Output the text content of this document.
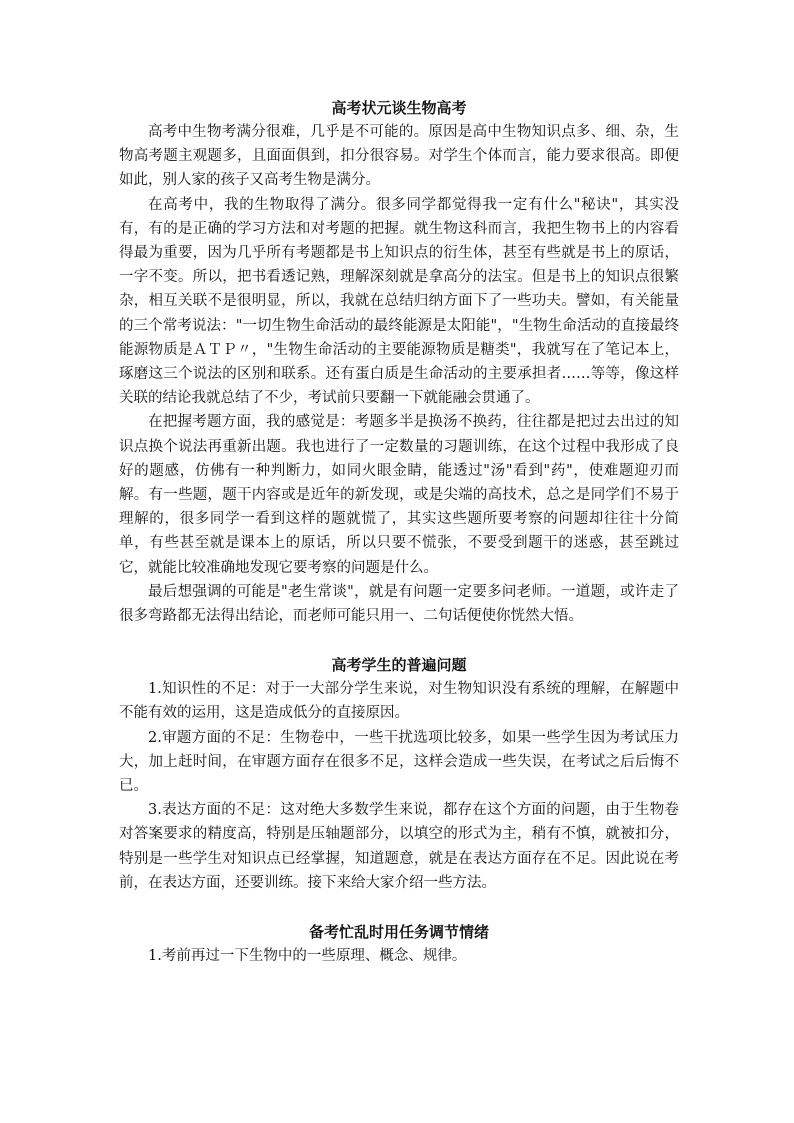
高考状元谈生物高考

高考中生物考满分很难，几乎是不可能的。原因是高中生物知识点多、细、杂，生物高考题主观题多，且面面俱到，扣分很容易。对学生个体而言，能力要求很高。即便如此，别人家的孩子又高考生物是满分。

在高考中，我的生物取得了满分。很多同学都觉得我一定有什么"秘诀"，其实没有，有的是正确的学习方法和对考题的把握。就生物这科而言，我把生物书上的内容看得最为重要，因为几乎所有考题都是书上知识点的衍生体，甚至有些就是书上的原话，一字不变。所以，把书看透记熟，理解深刻就是拿高分的法宝。但是书上的知识点很繁杂，相互关联不是很明显，所以，我就在总结归纳方面下了一些功夫。譬如，有关能量的三个常考说法："一切生物生命活动的最终能源是太阳能"，"生物生命活动的直接最终能源物质是ＡＴＰ〃，"生物生命活动的主要能源物质是糖类"，我就写在了笔记本上，琢磨这三个说法的区别和联系。还有蛋白质是生命活动的主要承担者……等等，像这样关联的结论我就总结了不少，考试前只要翻一下就能融会贯通了。

在把握考题方面，我的感觉是：考题多半是换汤不换药，往往都是把过去出过的知识点换个说法再重新出题。我也进行了一定数量的习题训练，在这个过程中我形成了良好的题感，仿佛有一种判断力，如同火眼金睛，能透过"汤"看到"药"，使难题迎刃而解。有一些题，题干内容或是近年的新发现，或是尖端的高技术，总之是同学们不易于理解的，很多同学一看到这样的题就慌了，其实这些题所要考察的问题却往往十分简单，有些甚至就是课本上的原话，所以只要不慌张，不要受到题干的迷惑，甚至跳过它，就能比较准确地发现它要考察的问题是什么。

最后想强调的可能是"老生常谈"，就是有问题一定要多问老师。一道题，或许走了很多弯路都无法得出结论，而老师可能只用一、二句话便使你恍然大悟。

高考学生的普遍问题

1.知识性的不足：对于一大部分学生来说，对生物知识没有系统的理解，在解题中不能有效的运用，这是造成低分的直接原因。

2.审题方面的不足：生物卷中，一些干扰选项比较多，如果一些学生因为考试压力大，加上赶时间，在审题方面存在很多不足，这样会造成一些失误，在考试之后后悔不已。

3.表达方面的不足：这对绝大多数学生来说，都存在这个方面的问题，由于生物卷对答案要求的精度高，特别是压轴题部分，以填空的形式为主，稍有不慎，就被扣分，特别是一些学生对知识点已经掌握，知道题意，就是在表达方面存在不足。因此说在考前，在表达方面，还要训练。接下来给大家介绍一些方法。

备考忙乱时用任务调节情绪

1.考前再过一下生物中的一些原理、概念、规律。
